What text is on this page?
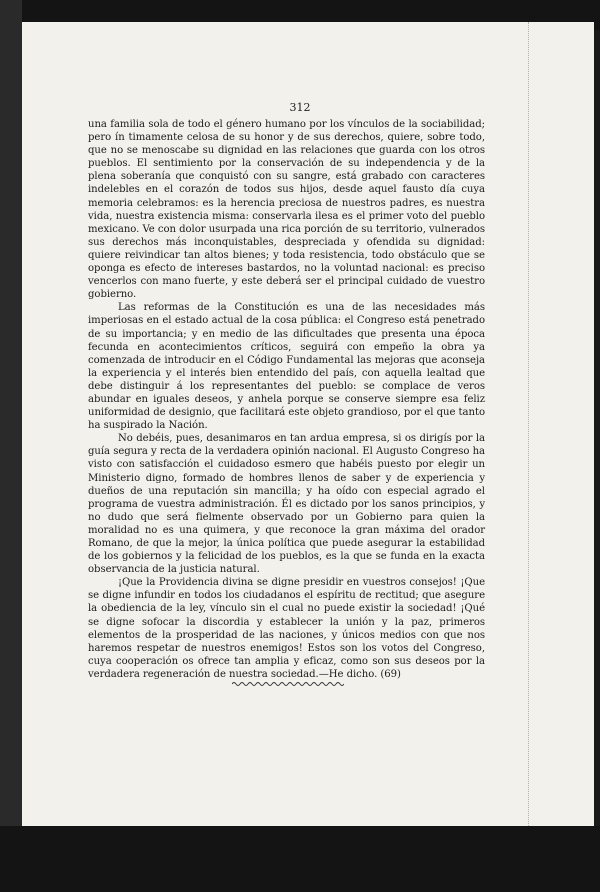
312

una familia sola de todo el género humano por los vínculos de la sociabilidad; pero ín timamente celosa de su honor y de sus derechos, quiere, sobre todo, que no se menoscabe su dignidad en las relaciones que guarda con los otros pueblos. El sentimiento por la conservación de su independencia y de la plena soberanía que conquistó con su sangre, está grabado con caracteres indelebles en el corazón de todos sus hijos, desde aquel fausto día cuya memoria celebramos: es la herencia preciosa de nuestros padres, es nuestra vida, nuestra existencia misma: conservarla ilesa es el primer voto del pueblo mexicano. Ve con dolor usurpada una rica porción de su territorio, vulnerados sus derechos más inconquistables, despreciada y ofendida su dignidad: quiere reivindicar tan altos bienes; y toda resistencia, todo obstáculo que se oponga es efecto de intereses bastardos, no la voluntad nacional: es preciso vencerlos con mano fuerte, y este deberá ser el principal cuidado de vuestro gobierno.

Las reformas de la Constitución es una de las necesidades más imperiosas en el estado actual de la cosa pública: el Congreso está penetrado de su importancia; y en medio de las dificultades que presenta una época fecunda en acontecimientos críticos, seguirá con empeño la obra ya comenzada de introducir en el Código Fundamental las mejoras que aconseja la experiencia y el interés bien entendido del país, con aquella lealtad que debe distinguir á los representantes del pueblo: se complace de veros abundar en iguales deseos, y anhela porque se conserve siempre esa feliz uniformidad de designio, que facilitará este objeto grandioso, por el que tanto ha suspirado la Nación.

No debéis, pues, desanimaros en tan ardua empresa, si os dirigís por la guía segura y recta de la verdadera opinión nacional. El Augusto Congreso ha visto con satisfacción el cuidadoso esmero que habéis puesto por elegir un Ministerio digno, formado de hombres llenos de saber y de experiencia y dueños de una reputación sin mancilla; y ha oído con especial agrado el programa de vuestra administración. Él es dictado por los sanos principios, y no dudo que será fielmente observado por un Gobierno para quien la moralidad no es una quimera, y que reconoce la gran máxima del orador Romano, de que la mejor, la única política que puede asegurar la estabilidad de los gobiernos y la felicidad de los pueblos, es la que se funda en la exacta observancia de la justicia natural.

¡Que la Providencia divina se digne presidir en vuestros consejos! ¡Que se digne infundir en todos los ciudadanos el espíritu de rectitud; que asegure la obediencia de la ley, vínculo sin el cual no puede existir la sociedad! ¡Qué se digne sofocar la discordia y establecer la unión y la paz, primeros elementos de la prosperidad de las naciones, y únicos medios con que nos haremos respetar de nuestros enemigos! Estos son los votos del Congreso, cuya cooperación os ofrece tan amplia y eficaz, como son sus deseos por la verdadera regeneración de nuestra sociedad.—He dicho. (69)
